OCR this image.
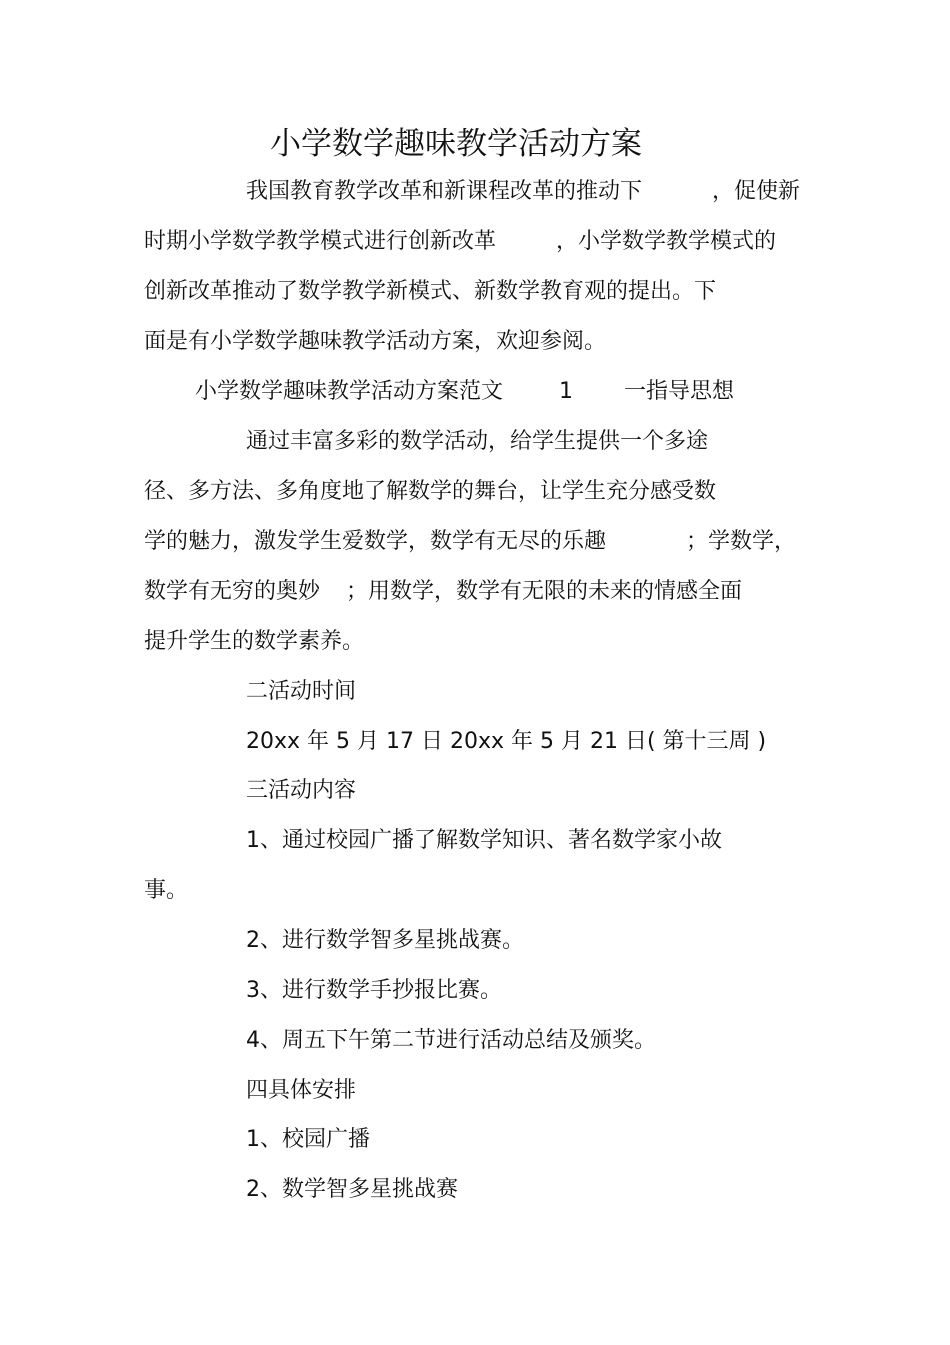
小学数学趣味教学活动方案
我国教育教学改革和新课程改革的推动下	，促使新
时期小学数学教学模式进行创新改革	，小学数学教学模式的
创新改革推动了数学教学新模式、新数学教育观的提出。下
面是有小学数学趣味教学活动方案，欢迎参阅。
小学数学趣味教学活动方案范文	1 一指导思想
通过丰富多彩的数学活动，给学生提供一个多途
径、多方法、多角度地了解数学的舞台，让学生充分感受数
学的魅力，激发学生爱数学，数学有无尽的乐趣	；学数学，
数学有无穷的奥妙 ；用数学，数学有无限的未来的情感全面
提升学生的数学素养。
二活动时间
20xx 年 5 月 17 日 20xx 年 5 月 21 日( 第十三周 )
三活动内容
1、通过校园广播了解数学知识、著名数学家小故
事。
2、进行数学智多星挑战赛。
3、进行数学手抄报比赛。
4、周五下午第二节进行活动总结及颁奖。
四具体安排
1、校园广播
2、数学智多星挑战赛
